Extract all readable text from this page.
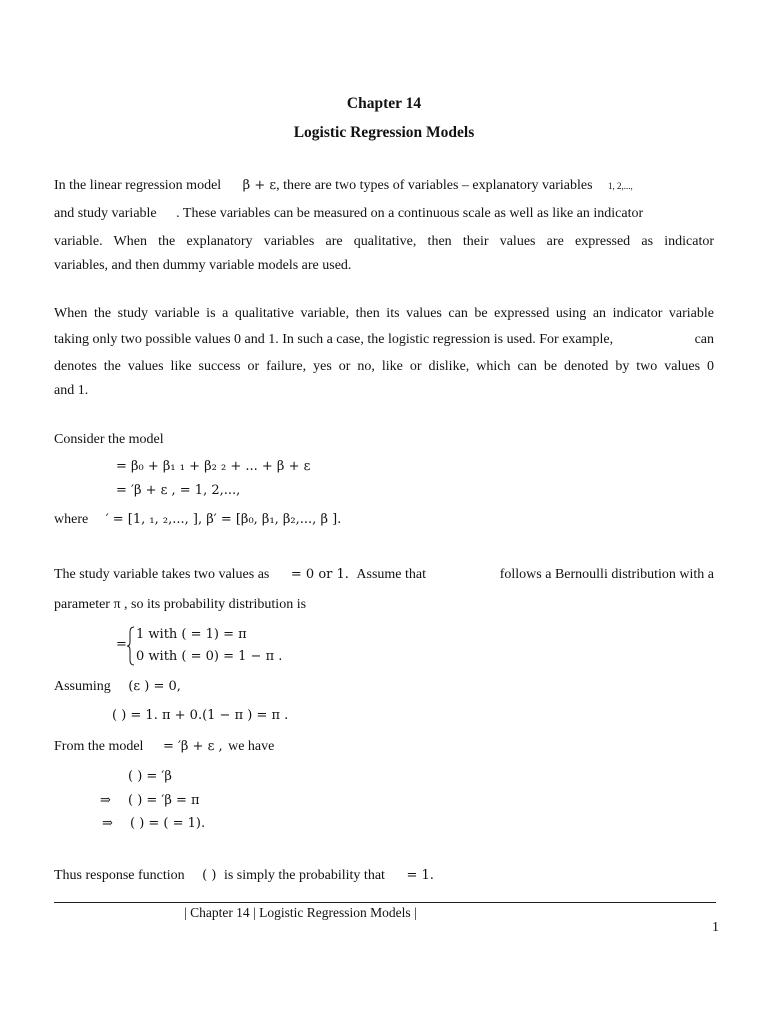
Chapter 14
Logistic Regression Models
In the linear regression model β + ε, there are two types of variables – explanatory variables 1, 2,...,
and study variable . These variables can be measured on a continuous scale as well as like an indicator
variable. When the explanatory variables are qualitative, then their values are expressed as indicator
variables, and then dummy variable models are used.
When the study variable is a qualitative variable, then its values can be expressed using an indicator variable
taking only two possible values 0 and 1. In such a case, the logistic regression is used. For example,	can
denotes the values like success or failure, yes or no, like or dislike, which can be denoted by two values 0
and 1.
Consider the model
= β₀ + β₁ ₁ + β₂ ₂ + ... + β + ε
= ′β + ε , = 1, 2,...,
where ′ = [1, ₁, ₂,..., ], β′ = [β₀, β₁, β₂,..., β ].
The study variable takes two values as = 0 or 1. Assume that	follows a Bernoulli distribution with a
parameter π , so its probability distribution is
=
1 with ( = 1) = π
0 with ( = 0) = 1 − π .
Assuming (ε ) = 0,
( ) = 1. π + 0.(1 − π ) = π .
From the model = ′β + ε , we have
( ) = ′β
⇒ ( ) = ′β = π
⇒ ( ) = ( = 1).
Thus response function ( ) is simply the probability that = 1.
| Chapter 14 | Logistic Regression Models |
1
